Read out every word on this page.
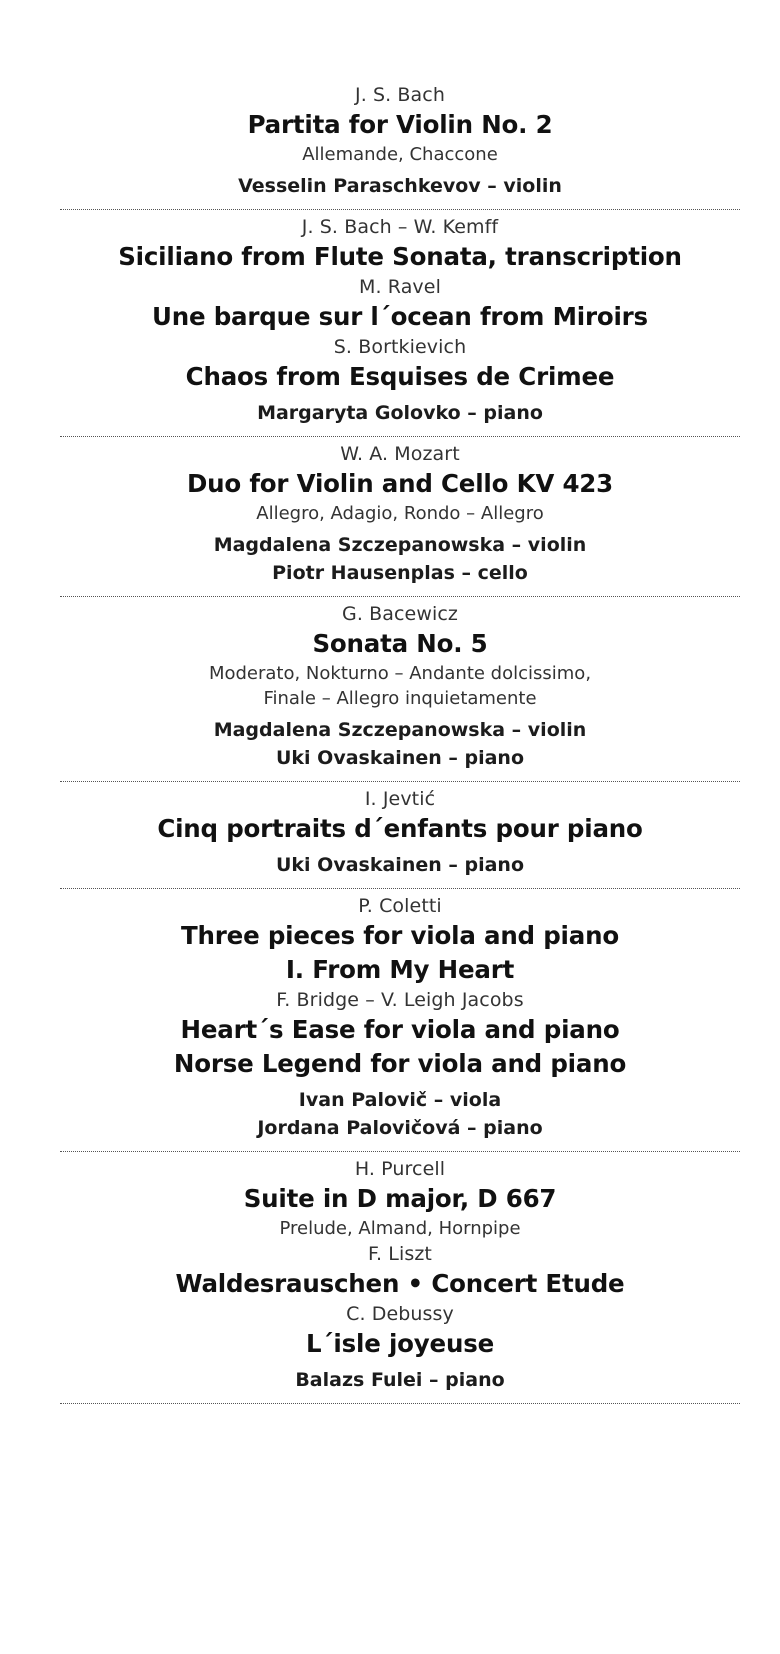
J. S. Bach
Partita for Violin No. 2
Allemande, Chaccone
Vesselin Paraschkevov – violin
J. S. Bach – W. Kemff
Siciliano from Flute Sonata, transcription
M. Ravel
Une barque sur l´ocean from Miroirs
S. Bortkievich
Chaos from Esquises de Crimee
Margaryta Golovko – piano
W. A. Mozart
Duo for Violin and Cello KV 423
Allegro, Adagio, Rondo – Allegro
Magdalena Szczepanowska – violin
Piotr Hausenplas – cello
G. Bacewicz
Sonata No. 5
Moderato, Nokturno – Andante dolcissimo,
Finale – Allegro inquietamente
Magdalena Szczepanowska – violin
Uki Ovaskainen – piano
I. Jevtić
Cinq portraits d´enfants pour piano
Uki Ovaskainen – piano
P. Coletti
Three pieces for viola and piano
I. From My Heart
F. Bridge – V. Leigh Jacobs
Heart´s Ease for viola and piano
Norse Legend for viola and piano
Ivan Palovič – viola
Jordana Palovičová – piano
H. Purcell
Suite in D major, D 667
Prelude, Almand, Hornpipe
F. Liszt
Waldesrauschen • Concert Etude
C. Debussy
L´isle joyeuse
Balazs Fulei – piano
